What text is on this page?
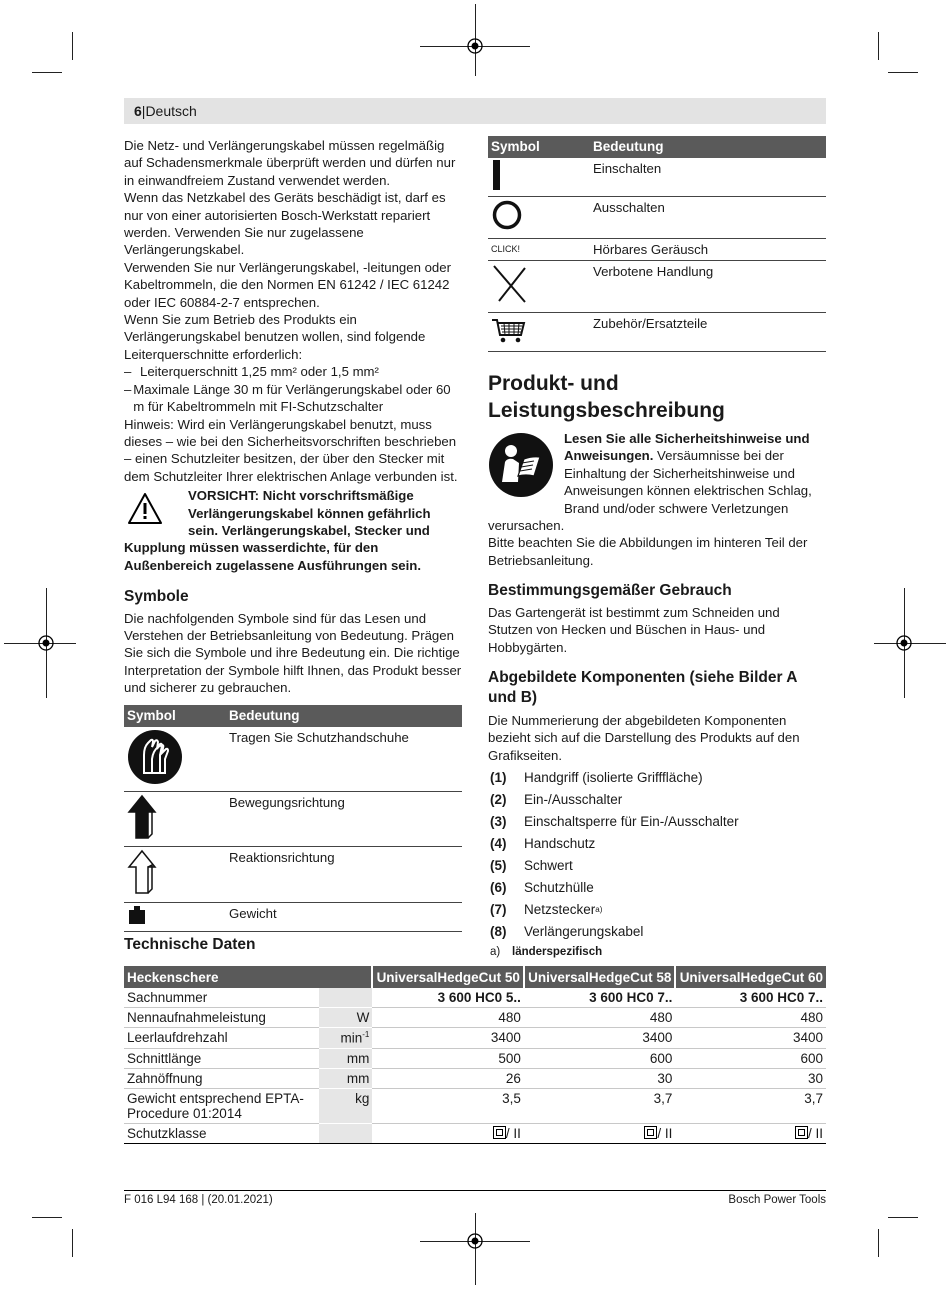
6|Deutsch

Die Netz- und Verlängerungskabel müssen regelmäßig auf Schadensmerkmale überprüft werden und dürfen nur in einwandfreiem Zustand verwendet werden.

Wenn das Netzkabel des Geräts beschädigt ist, darf es nur von einer autorisierten Bosch-Werkstatt repariert werden. Verwenden Sie nur zugelassene Verlängerungskabel.

Verwenden Sie nur Verlängerungskabel, -leitungen oder Kabeltrommeln, die den Normen EN 61242 / IEC 61242 oder IEC 60884-2-7 entsprechen.

Wenn Sie zum Betrieb des Produkts ein Verlängerungskabel benutzen wollen, sind folgende Leiterquerschnitte erforderlich:

– Leiterquerschnitt 1,25 mm² oder 1,5 mm²
– Maximale Länge 30 m für Verlängerungskabel oder 60 m für Kabeltrommeln mit FI-Schutzschalter

Hinweis: Wird ein Verlängerungskabel benutzt, muss dieses – wie bei den Sicherheitsvorschriften beschrieben – einen Schutzleiter besitzen, der über den Stecker mit dem Schutzleiter Ihrer elektrischen Anlage verbunden ist.

VORSICHT: Nicht vorschriftsmäßige Verlängerungskabel können gefährlich sein. Verlängerungskabel, Stecker und Kupplung müssen wasserdichte, für den Außenbereich zugelassene Ausführungen sein.

Symbole

Die nachfolgenden Symbole sind für das Lesen und Verstehen der Betriebsanleitung von Bedeutung. Prägen Sie sich die Symbole und ihre Bedeutung ein. Die richtige Interpretation der Symbole hilft Ihnen, das Produkt besser und sicherer zu gebrauchen.

Symbol	Bedeutung
	Tragen Sie Schutzhandschuhe
	Bewegungsrichtung
	Reaktionsrichtung
	Gewicht
Symbol	Bedeutung
	Einschalten
	Ausschalten
CLICK!	Hörbares Geräusch
	Verbotene Handlung
	Zubehör/Ersatzteile

Produkt- und

Leistungsbeschreibung

Lesen Sie alle Sicherheitshinweise und Anweisungen. Versäumnisse bei der Einhaltung der Sicherheitshinweise und Anweisungen können elektrischen Schlag, Brand und/oder schwere Verletzungen verursachen.

Bitte beachten Sie die Abbildungen im hinteren Teil der Betriebsanleitung.

Bestimmungsgemäßer Gebrauch

Das Gartengerät ist bestimmt zum Schneiden und Stutzen von Hecken und Büschen in Haus- und Hobbygärten.

Abgebildete Komponenten (siehe Bilder A und B)

Die Nummerierung der abgebildeten Komponenten bezieht sich auf die Darstellung des Produkts auf den Grafikseiten.

(1)	Handgriff (isolierte Grifffläche)
(2)	Ein-/Ausschalter
(3)	Einschaltsperre für Ein-/Ausschalter
(4)	Handschutz
(5)	Schwert
(6)	Schutzhülle
(7)	Netzstecker a)
(8)	Verlängerungskabel
a) länderspezifisch

Technische Daten

Heckenschere		UniversalHedgeCut 50	UniversalHedgeCut 58	UniversalHedgeCut 60
Sachnummer		3 600 HC0 5..	3 600 HC0 7..	3 600 HC0 7..
Nennaufnahmeleistung	W	480	480	480
Leerlaufdrehzahl	$\min^{-1}$	3400	3400	3400
Schnittlänge	mm	500	600	600
Zahnöffnung	mm	26	30	30
Gewicht entsprechend EPTA-Procedure 01:2014	kg	3,5	3,7	3,7
Schutzklasse		/ II	/ II	/ II
F 016 L94 168 | (20.01.2021)	Bosch Power Tools
